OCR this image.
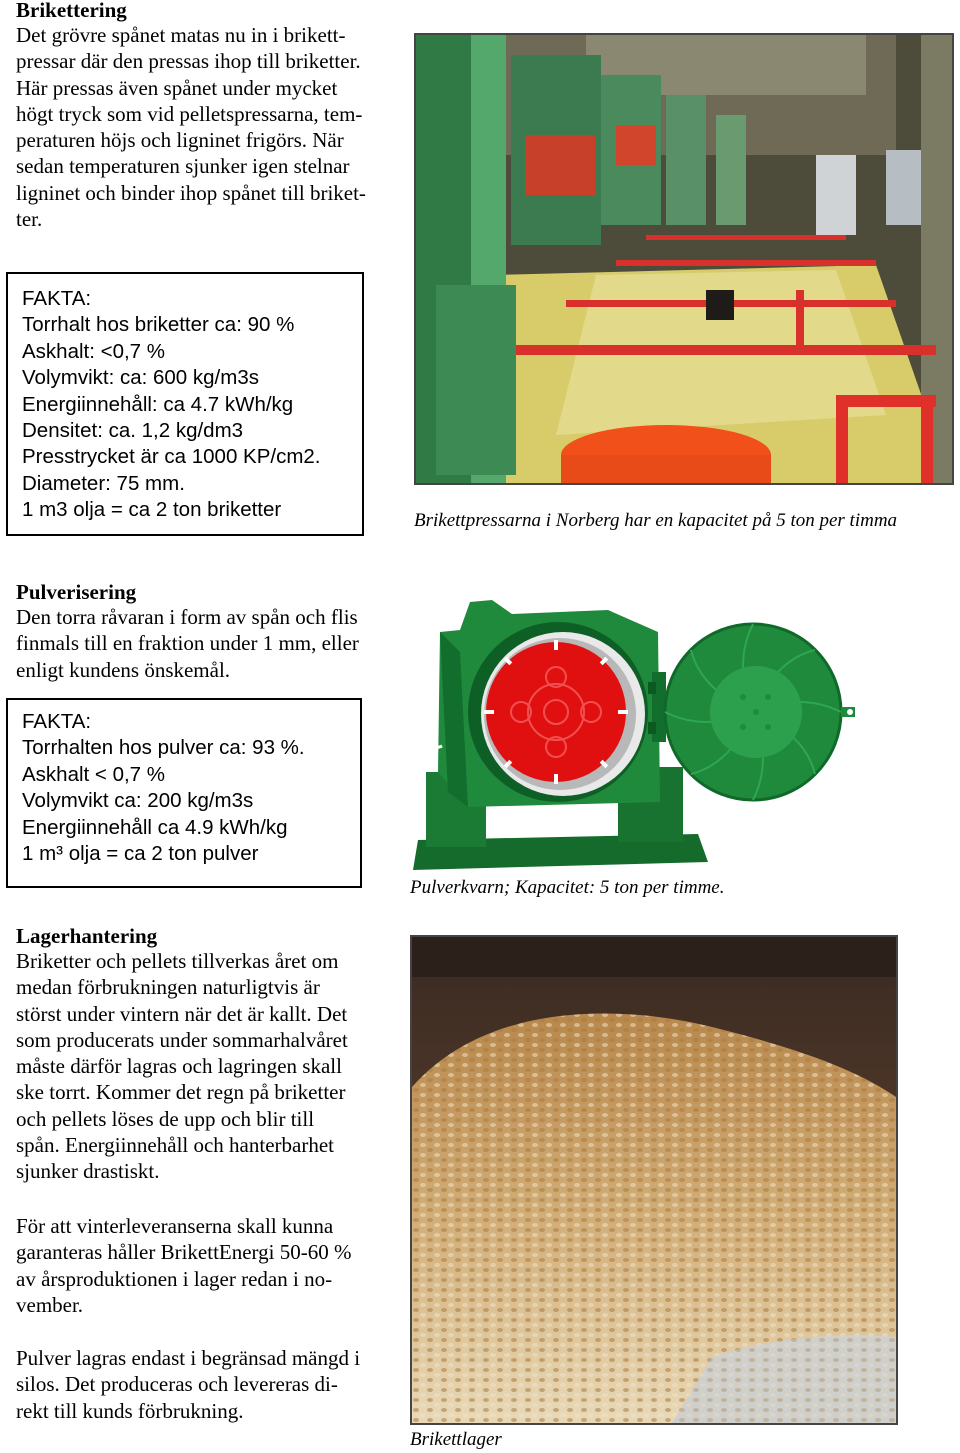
Brikettering

Det grövre spånet matas nu in i brikett-

pressar där den pressas ihop till briketter.

Här pressas även spånet under mycket

högt tryck som vid pelletspressarna, tem-

peraturen höjs och ligninet frigörs. När

sedan temperaturen sjunker igen stelnar

ligninet och binder ihop spånet till briket-

ter.

FAKTA:
Torrhalt hos briketter ca: 90 %
Askhalt: <0,7 %
Volymvikt: ca: 600 kg/m3s
Energiinnehåll: ca 4.7 kWh/kg
Densitet: ca. 1,2 kg/dm3
Presstrycket är ca 1000 KP/cm2.
Diameter: 75 mm.
1 m3 olja = ca 2 ton briketter	Brikettpressarna i Norberg har en kapacitet på 5 ton per timma
Pulverisering

Den torra råvaran i form av spån och flis

finmals till en fraktion under 1 mm, eller

enligt kundens önskemål.

FAKTA:
Torrhalten hos pulver ca: 93 %.
Askhalt < 0,7 %
Volymvikt ca: 200 kg/m3s
Energiinnehåll ca 4.9 kWh/kg
1 m³ olja = ca 2 ton pulver
Pulverkvarn; Kapacitet: 5 ton per timme.
Lagerhantering

Briketter och pellets tillverkas året om

medan förbrukningen naturligtvis är

störst under vintern när det är kallt. Det

som producerats under sommarhalvåret

måste därför lagras och lagringen skall

ske torrt. Kommer det regn på briketter

och pellets löses de upp och blir till

spån. Energiinnehåll och hanterbarhet

sjunker drastiskt.

För att vinterleveranserna skall kunna

garanteras håller BrikettEnergi 50-60 %

av årsproduktionen i lager redan i no-

vember.

Pulver lagras endast i begränsad mängd i

silos. Det produceras och levereras di-

rekt till kunds förbrukning.

Brikettlager
